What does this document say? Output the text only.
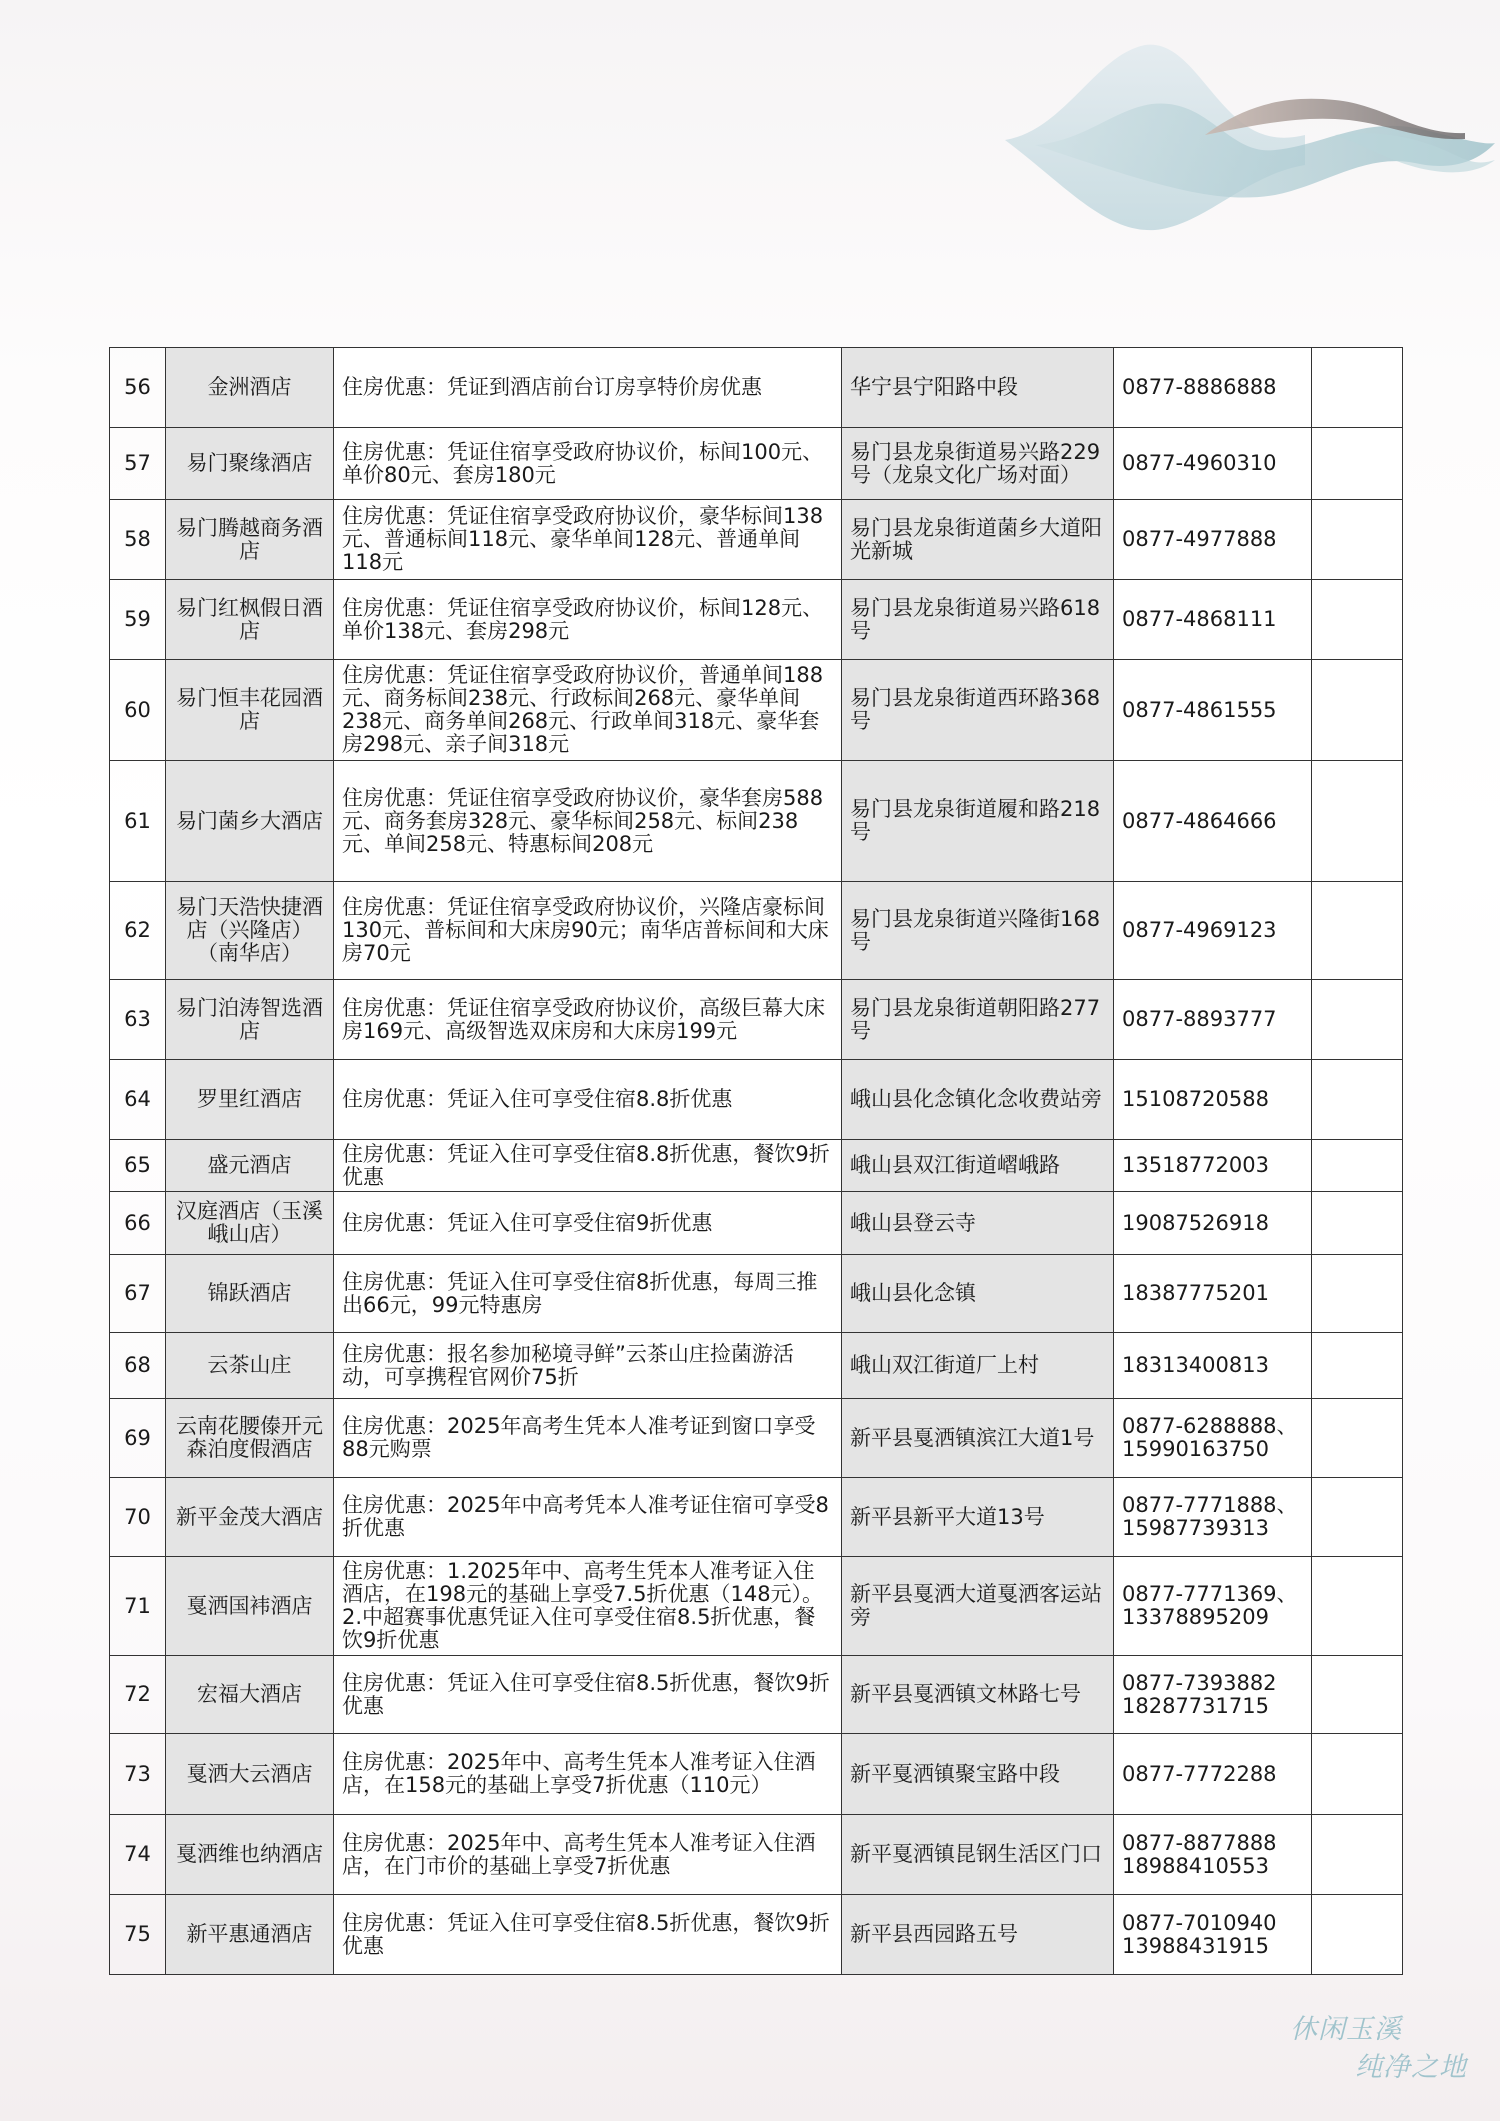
56	金洲酒店	住房优惠：凭证到酒店前台订房享特价房优惠	华宁县宁阳路中段	0877-8886888	
57	易门聚缘酒店	住房优惠：凭证住宿享受政府协议价，标间100元、单价80元、套房180元	易门县龙泉街道易兴路229号（龙泉文化广场对面）	0877-4960310	
58	易门腾越商务酒店	住房优惠：凭证住宿享受政府协议价，豪华标间138元、普通标间118元、豪华单间128元、普通单间118元	易门县龙泉街道菌乡大道阳光新城	0877-4977888	
59	易门红枫假日酒店	住房优惠：凭证住宿享受政府协议价，标间128元、单价138元、套房298元	易门县龙泉街道易兴路618号	0877-4868111	
60	易门恒丰花园酒店	住房优惠：凭证住宿享受政府协议价，普通单间188元、商务标间238元、行政标间268元、豪华单间238元、商务单间268元、行政单间318元、豪华套房298元、亲子间318元	易门县龙泉街道西环路368号	0877-4861555	
61	易门菌乡大酒店	住房优惠：凭证住宿享受政府协议价，豪华套房588元、商务套房328元、豪华标间258元、标间238元、单间258元、特惠标间208元	易门县龙泉街道履和路218号	0877-4864666	
62	易门天浩快捷酒店（兴隆店）（南华店）	住房优惠：凭证住宿享受政府协议价，兴隆店豪标间130元、普标间和大床房90元；南华店普标间和大床房70元	易门县龙泉街道兴隆街168号	0877-4969123	
63	易门泊涛智选酒店	住房优惠：凭证住宿享受政府协议价，高级巨幕大床房169元、高级智选双床房和大床房199元	易门县龙泉街道朝阳路277号	0877-8893777	
64	罗里红酒店	住房优惠：凭证入住可享受住宿8.8折优惠	峨山县化念镇化念收费站旁	15108720588	
65	盛元酒店	住房优惠：凭证入住可享受住宿8.8折优惠，餐饮9折优惠	峨山县双江街道嶍峨路	13518772003	
66	汉庭酒店（玉溪峨山店）	住房优惠：凭证入住可享受住宿9折优惠	峨山县登云寺	19087526918	
67	锦跃酒店	住房优惠：凭证入住可享受住宿8折优惠，每周三推出66元，99元特惠房	峨山县化念镇	18387775201	
68	云茶山庄	住房优惠：报名参加秘境寻鲜”云茶山庄捡菌游活动，可享携程官网价75折	峨山双江街道厂上村	18313400813	
69	云南花腰傣开元森泊度假酒店	住房优惠：2025年高考生凭本人准考证到窗口享受88元购票	新平县戛洒镇滨江大道1号	0877-6288888、
15990163750	
70	新平金茂大酒店	住房优惠：2025年中高考凭本人准考证住宿可享受8折优惠	新平县新平大道13号	0877-7771888、
15987739313	
71	戛洒国袆酒店	住房优惠：1.2025年中、高考生凭本人准考证入住酒店，在198元的基础上享受7.5折优惠（148元）。2.中超赛事优惠凭证入住可享受住宿8.5折优惠，餐饮9折优惠	新平县戛洒大道戛洒客运站旁	0877-7771369、
13378895209	
72	宏福大酒店	住房优惠：凭证入住可享受住宿8.5折优惠，餐饮9折优惠	新平县戛洒镇文林路七号	0877-7393882
18287731715	
73	戛洒大云酒店	住房优惠：2025年中、高考生凭本人准考证入住酒店，在158元的基础上享受7折优惠（110元）	新平戛洒镇聚宝路中段	0877-7772288	
74	戛洒维也纳酒店	住房优惠：2025年中、高考生凭本人准考证入住酒店，在门市价的基础上享受7折优惠	新平戛洒镇昆钢生活区门口	0877-8877888
18988410553	
75	新平惠通酒店	住房优惠：凭证入住可享受住宿8.5折优惠，餐饮9折优惠	新平县西园路五号	0877-7010940
13988431915	
休闲玉溪
纯净之地
